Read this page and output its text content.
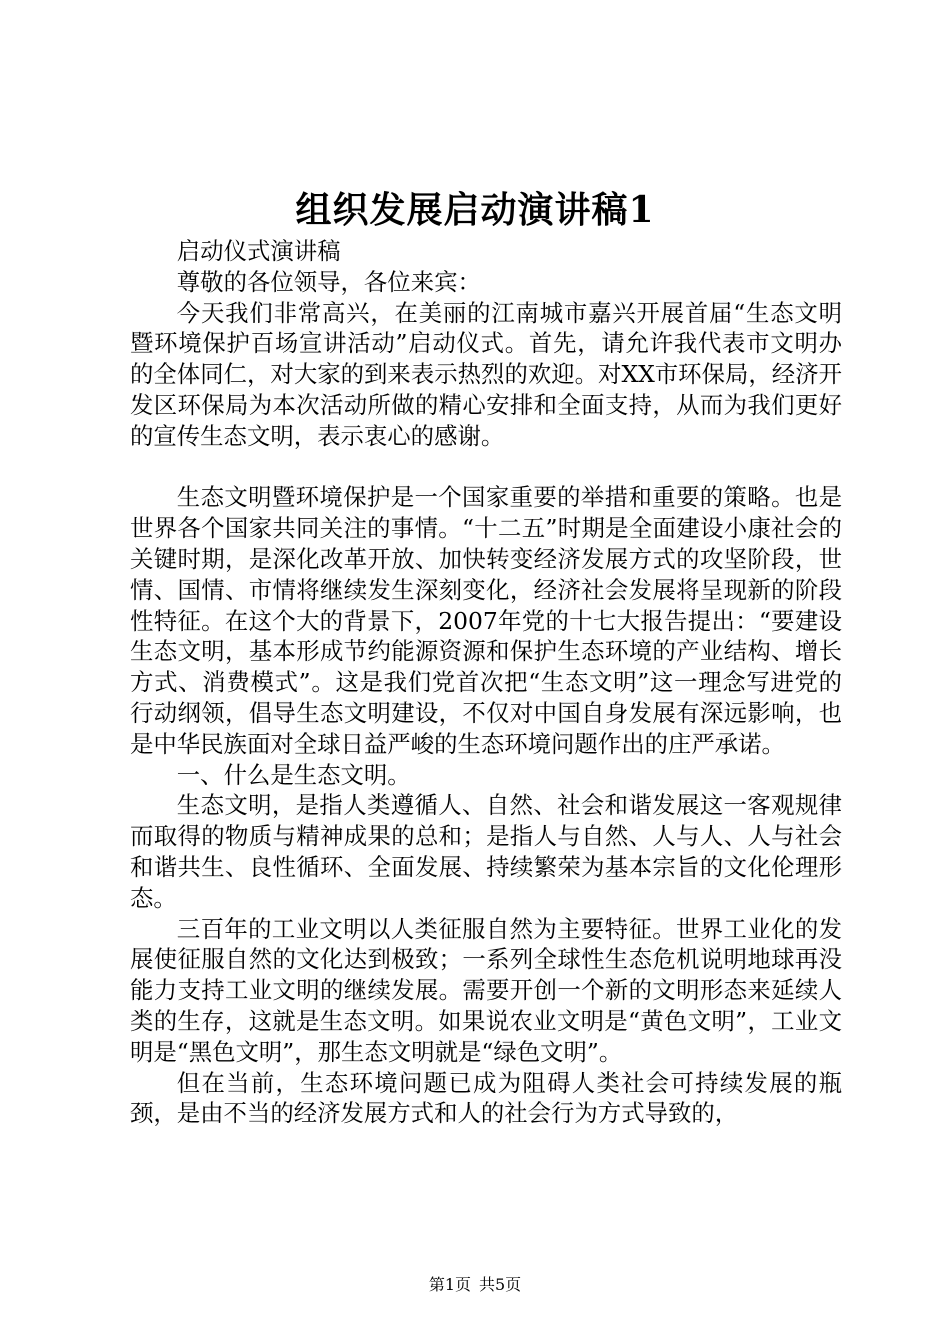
组织发展启动演讲稿1

启动仪式演讲稿

尊敬的各位领导，各位来宾：

今天我们非常高兴，在美丽的江南城市嘉兴开展首届“生态文明暨环境保护百场宣讲活动”启动仪式。首先，请允许我代表市文明办的全体同仁，对大家的到来表示热烈的欢迎。对XX市环保局，经济开发区环保局为本次活动所做的精心安排和全面支持，从而为我们更好的宣传生态文明，表示衷心的感谢。

生态文明暨环境保护是一个国家重要的举措和重要的策略。也是世界各个国家共同关注的事情。“十二五”时期是全面建设小康社会的关键时期，是深化改革开放、加快转变经济发展方式的攻坚阶段，世情、国情、市情将继续发生深刻变化，经济社会发展将呈现新的阶段性特征。在这个大的背景下，2007年党的十七大报告提出：“要建设生态文明，基本形成节约能源资源和保护生态环境的产业结构、增长方式、消费模式”。这是我们党首次把“生态文明”这一理念写进党的行动纲领，倡导生态文明建设，不仅对中国自身发展有深远影响，也是中华民族面对全球日益严峻的生态环境问题作出的庄严承诺。

一、什么是生态文明。

生态文明，是指人类遵循人、自然、社会和谐发展这一客观规律而取得的物质与精神成果的总和；是指人与自然、人与人、人与社会和谐共生、良性循环、全面发展、持续繁荣为基本宗旨的文化伦理形态。

三百年的工业文明以人类征服自然为主要特征。世界工业化的发展使征服自然的文化达到极致；一系列全球性生态危机说明地球再没能力支持工业文明的继续发展。需要开创一个新的文明形态来延续人类的生存，这就是生态文明。如果说农业文明是“黄色文明”，工业文明是“黑色文明”，那生态文明就是“绿色文明”。

但在当前，生态环境问题已成为阻碍人类社会可持续发展的瓶颈，是由不当的经济发展方式和人的社会行为方式导致的，

第1页 共5页
